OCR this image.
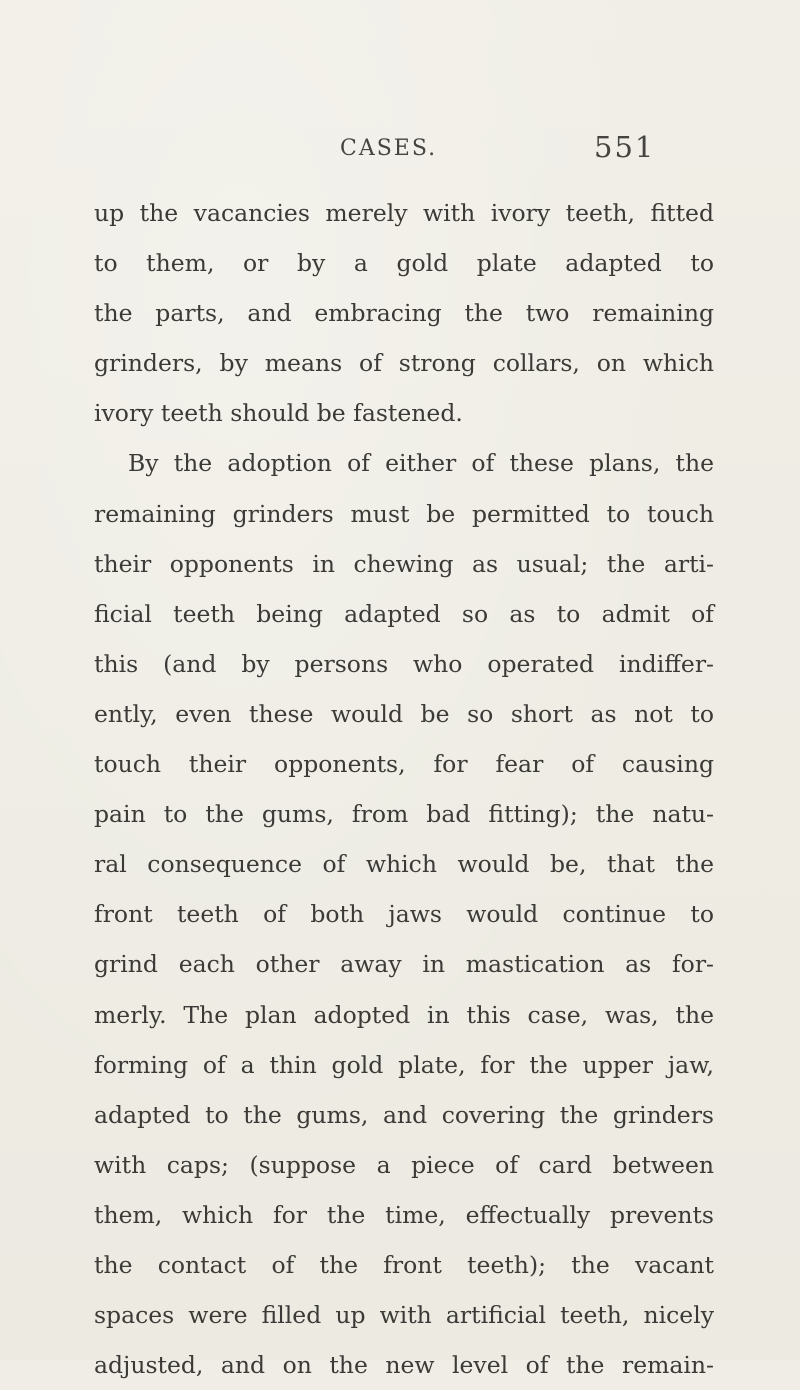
CASES.	551
up the vacancies merely with ivory teeth, fitted
to them, or by a gold plate adapted to
the parts, and embracing the two remaining
grinders, by means of strong collars, on which
ivory teeth should be fastened.
By the adoption of either of these plans, the
remaining grinders must be permitted to touch
their opponents in chewing as usual; the arti-
ficial teeth being adapted so as to admit of
this (and by persons who operated indiffer-
ently, even these would be so short as not to
touch their opponents, for fear of causing
pain to the gums, from bad fitting); the natu-
ral consequence of which would be, that the
front teeth of both jaws would continue to
grind each other away in mastication as for-
merly. The plan adopted in this case, was, the
forming of a thin gold plate, for the upper jaw,
adapted to the gums, and covering the grinders
with caps; (suppose a piece of card between
them, which for the time, effectually prevents
the contact of the front teeth); the vacant
spaces were filled up with artificial teeth, nicely
adjusted, and on the new level of the remain-
